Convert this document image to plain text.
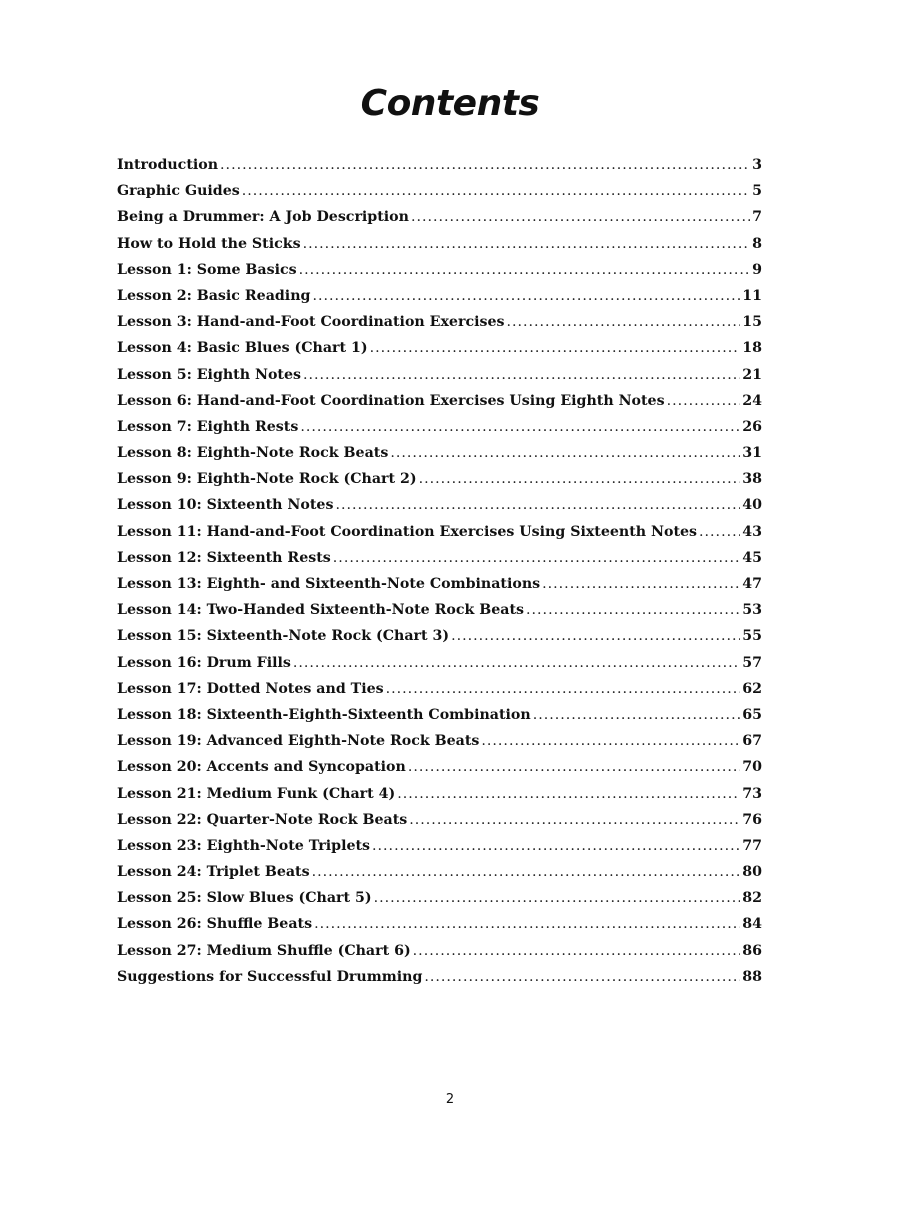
Contents
Introduction .....	3
Graphic Guides .....	5
Being a Drummer: A Job Description .....	7
How to Hold the Sticks .....	8
Lesson 1: Some Basics .....	9
Lesson 2: Basic Reading .....	11
Lesson 3: Hand-and-Foot Coordination Exercises .....	15
Lesson 4: Basic Blues (Chart 1) .....	18
Lesson 5: Eighth Notes .....	21
Lesson 6: Hand-and-Foot Coordination Exercises Using Eighth Notes .....	24
Lesson 7: Eighth Rests .....	26
Lesson 8: Eighth-Note Rock Beats .....	31
Lesson 9: Eighth-Note Rock (Chart 2) .....	38
Lesson 10: Sixteenth Notes .....	40
Lesson 11: Hand-and-Foot Coordination Exercises Using Sixteenth Notes .....	43
Lesson 12: Sixteenth Rests .....	45
Lesson 13: Eighth- and Sixteenth-Note Combinations .....	47
Lesson 14: Two-Handed Sixteenth-Note Rock Beats .....	53
Lesson 15: Sixteenth-Note Rock (Chart 3) .....	55
Lesson 16: Drum Fills .....	57
Lesson 17: Dotted Notes and Ties .....	62
Lesson 18: Sixteenth-Eighth-Sixteenth Combination .....	65
Lesson 19: Advanced Eighth-Note Rock Beats .....	67
Lesson 20: Accents and Syncopation .....	70
Lesson 21: Medium Funk (Chart 4) .....	73
Lesson 22: Quarter-Note Rock Beats .....	76
Lesson 23: Eighth-Note Triplets .....	77
Lesson 24: Triplet Beats .....	80
Lesson 25: Slow Blues (Chart 5) .....	82
Lesson 26: Shuffle Beats .....	84
Lesson 27: Medium Shuffle (Chart 6) .....	86
Suggestions for Successful Drumming .....	88
2
